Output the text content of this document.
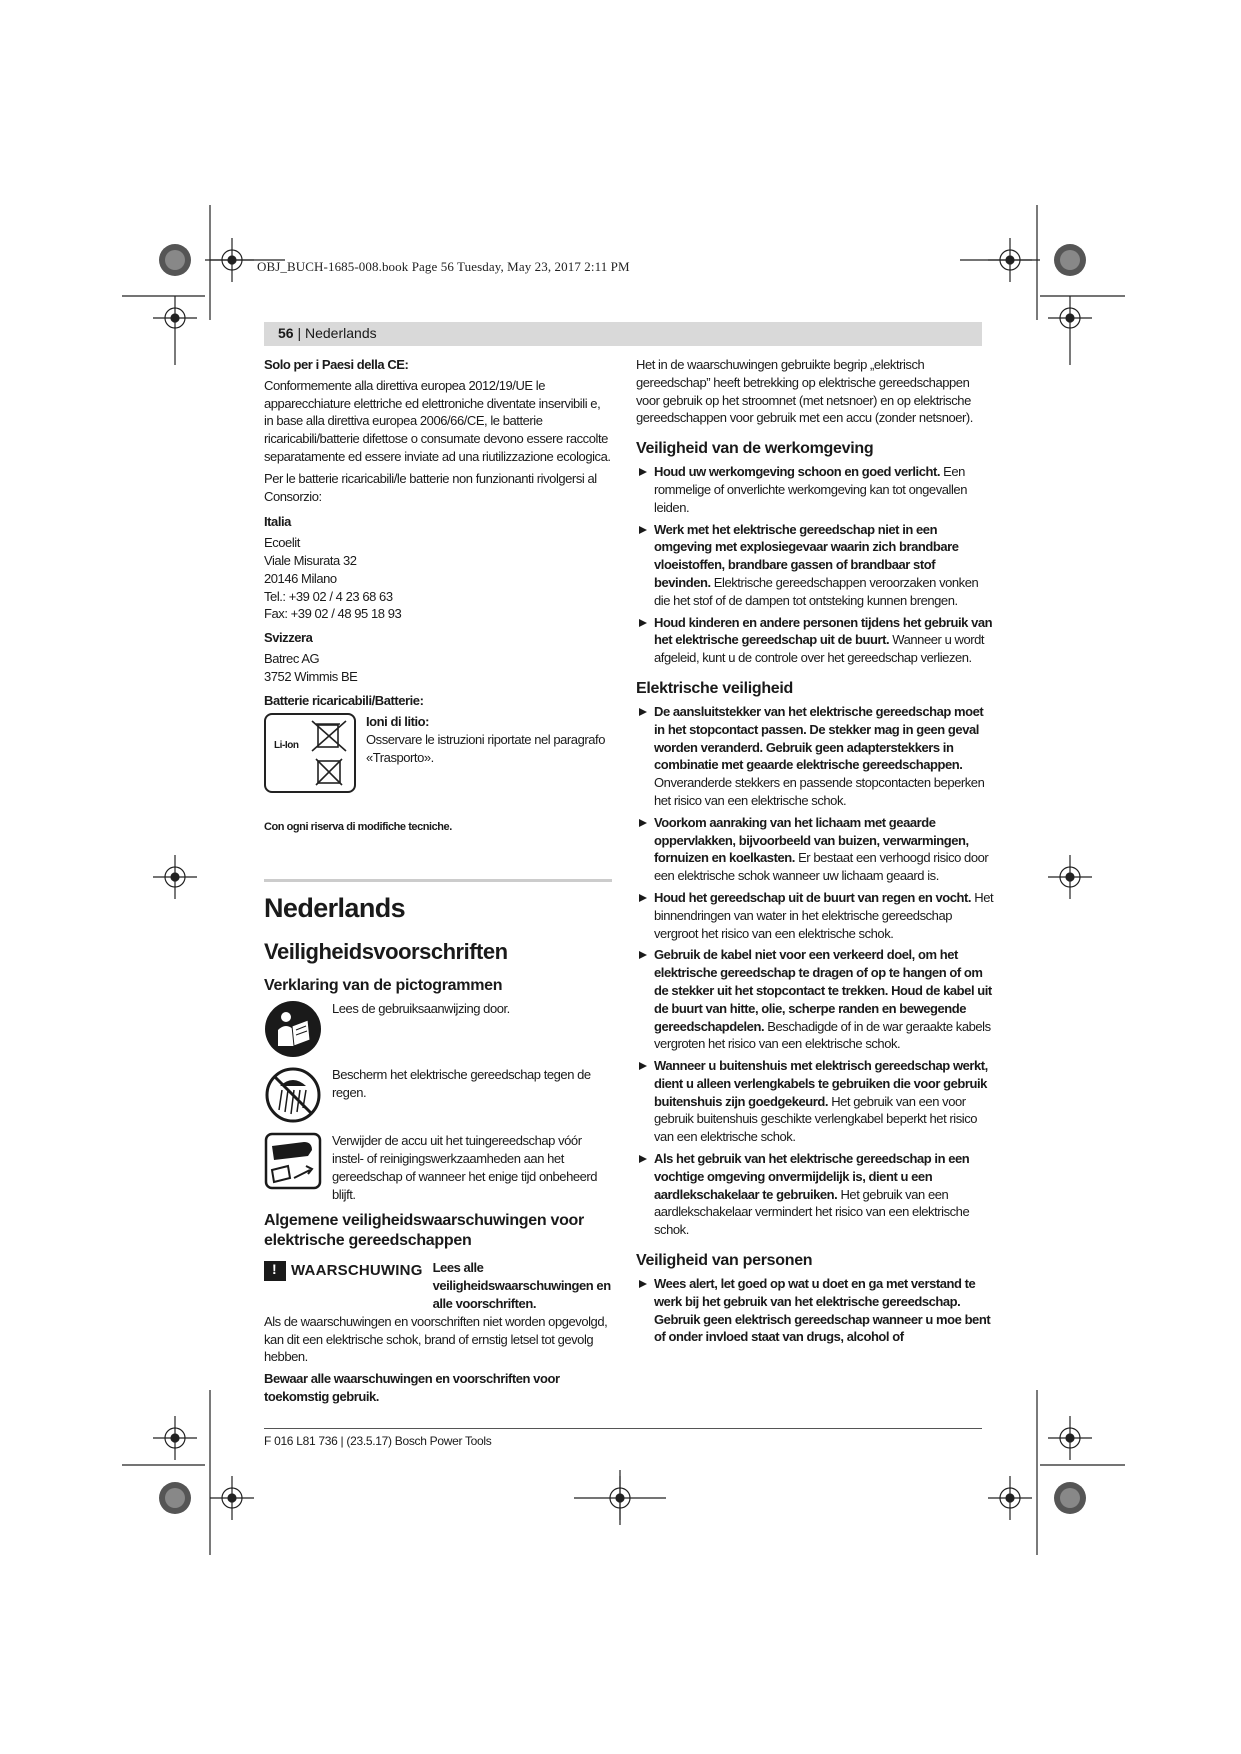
OBJ_BUCH-1685-008.book Page 56 Tuesday, May 23, 2017 2:11 PM
56 | Nederlands
Solo per i Paesi della CE:
Conformemente alla direttiva europea 2012/19/UE le apparecchiature elettriche ed elettroniche diventate inservibili e, in base alla direttiva europea 2006/66/CE, le batterie ricaricabili/batterie difettose o consumate devono essere raccolte separatamente ed essere inviate ad una riutilizzazione ecologica.
Per le batterie ricaricabili/le batterie non funzionanti rivolgersi al Consorzio:
Italia
Ecoelit
Viale Misurata 32
20146 Milano
Tel.: +39 02 / 4 23 68 63
Fax: +39 02 / 48 95 18 93
Svizzera
Batrec AG
3752 Wimmis BE
Batterie ricaricabili/Batterie:
Li-Ion
Ioni di litio:
Osservare le istruzioni riportate nel paragrafo «Trasporto».
Con ogni riserva di modifiche tecniche.
Nederlands
Veiligheidsvoorschriften
Verklaring van de pictogrammen
Lees de gebruiksaanwijzing door.
Bescherm het elektrische gereedschap tegen de regen.
Verwijder de accu uit het tuingereedschap vóór instel- of reinigingswerkzaamheden aan het gereedschap of wanneer het enige tijd onbeheerd blijft.
Algemene veiligheidswaarschuwingen voor elektrische gereedschappen
! WAARSCHUWING Lees alle veiligheidswaarschuwingen en alle voorschriften.
Als de waarschuwingen en voorschriften niet worden opgevolgd, kan dit een elektrische schok, brand of ernstig letsel tot gevolg hebben.
Bewaar alle waarschuwingen en voorschriften voor toekomstig gebruik.
Het in de waarschuwingen gebruikte begrip „elektrisch gereedschap” heeft betrekking op elektrische gereedschappen voor gebruik op het stroomnet (met netsnoer) en op elektrische gereedschappen voor gebruik met een accu (zonder netsnoer).
Veiligheid van de werkomgeving
Houd uw werkomgeving schoon en goed verlicht. Een rommelige of onverlichte werkomgeving kan tot ongevallen leiden.
Werk met het elektrische gereedschap niet in een omgeving met explosiegevaar waarin zich brandbare vloeistoffen, brandbare gassen of brandbaar stof bevinden. Elektrische gereedschappen veroorzaken vonken die het stof of de dampen tot ontsteking kunnen brengen.
Houd kinderen en andere personen tijdens het gebruik van het elektrische gereedschap uit de buurt. Wanneer u wordt afgeleid, kunt u de controle over het gereedschap verliezen.
Elektrische veiligheid
De aansluitstekker van het elektrische gereedschap moet in het stopcontact passen. De stekker mag in geen geval worden veranderd. Gebruik geen adapterstekkers in combinatie met geaarde elektrische gereedschappen. Onveranderde stekkers en passende stopcontacten beperken het risico van een elektrische schok.
Voorkom aanraking van het lichaam met geaarde oppervlakken, bijvoorbeeld van buizen, verwarmingen, fornuizen en koelkasten. Er bestaat een verhoogd risico door een elektrische schok wanneer uw lichaam geaard is.
Houd het gereedschap uit de buurt van regen en vocht. Het binnendringen van water in het elektrische gereedschap vergroot het risico van een elektrische schok.
Gebruik de kabel niet voor een verkeerd doel, om het elektrische gereedschap te dragen of op te hangen of om de stekker uit het stopcontact te trekken. Houd de kabel uit de buurt van hitte, olie, scherpe randen en bewegende gereedschapdelen. Beschadigde of in de war geraakte kabels vergroten het risico van een elektrische schok.
Wanneer u buitenshuis met elektrisch gereedschap werkt, dient u alleen verlengkabels te gebruiken die voor gebruik buitenshuis zijn goedgekeurd. Het gebruik van een voor gebruik buitenshuis geschikte verlengkabel beperkt het risico van een elektrische schok.
Als het gebruik van het elektrische gereedschap in een vochtige omgeving onvermijdelijk is, dient u een aardlekschakelaar te gebruiken. Het gebruik van een aardlekschakelaar vermindert het risico van een elektrische schok.
Veiligheid van personen
Wees alert, let goed op wat u doet en ga met verstand te werk bij het gebruik van het elektrische gereedschap. Gebruik geen elektrisch gereedschap wanneer u moe bent of onder invloed staat van drugs, alcohol of
F 016 L81 736 | (23.5.17) Bosch Power Tools
